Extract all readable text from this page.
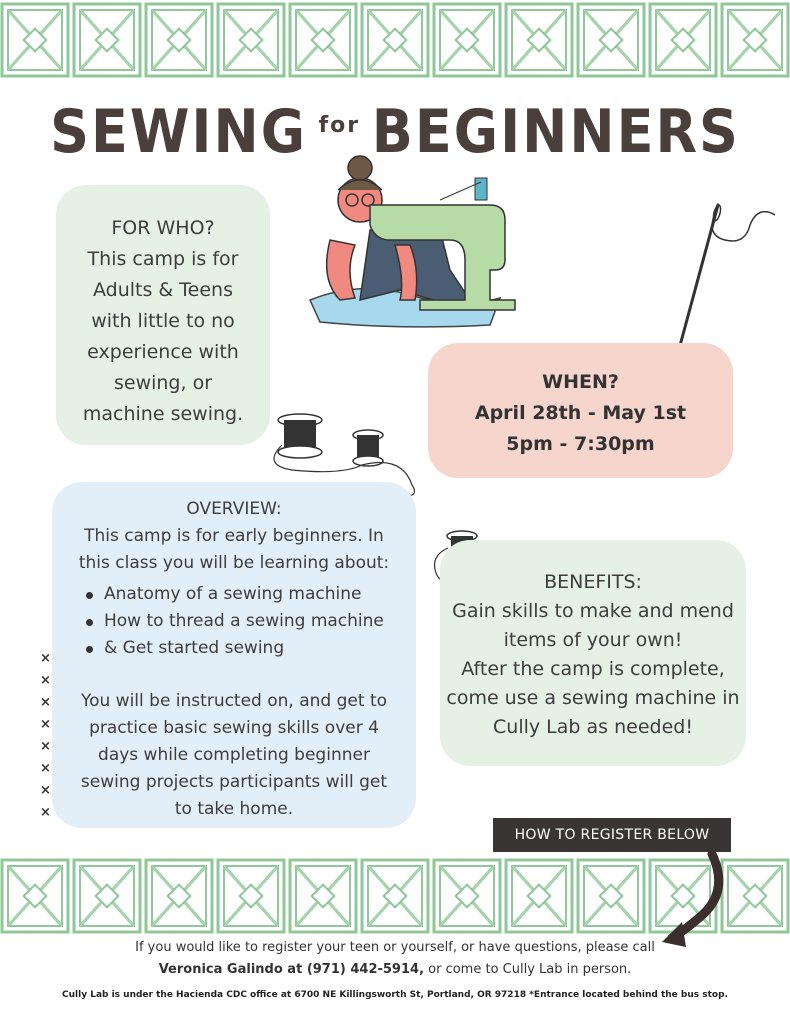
SEWING for BEGINNERS
FOR WHO?
This camp is for
Adults & Teens
with little to no
experience with
sewing, or
machine sewing.
WHEN?
April 28th - May 1st
5pm - 7:30pm
OVERVIEW:
This camp is for early beginners. In
this class you will be learning about:
Anatomy of a sewing machine
How to thread a sewing machine
& Get started sewing
You will be instructed on, and get to
practice basic sewing skills over 4
days while completing beginner
sewing projects participants will get
to take home.
×
×
×
×
×
×
×
×
BENEFITS:
Gain skills to make and mend
items of your own!
After the camp is complete,
come use a sewing machine in
Cully Lab as needed!
HOW TO REGISTER BELOW
If you would like to register your teen or yourself, or have questions, please call
Veronica Galindo at (971) 442-5914, or come to Cully Lab in person.
Cully Lab is under the Hacienda CDC office at 6700 NE Killingsworth St, Portland, OR 97218 *Entrance located behind the bus stop.
